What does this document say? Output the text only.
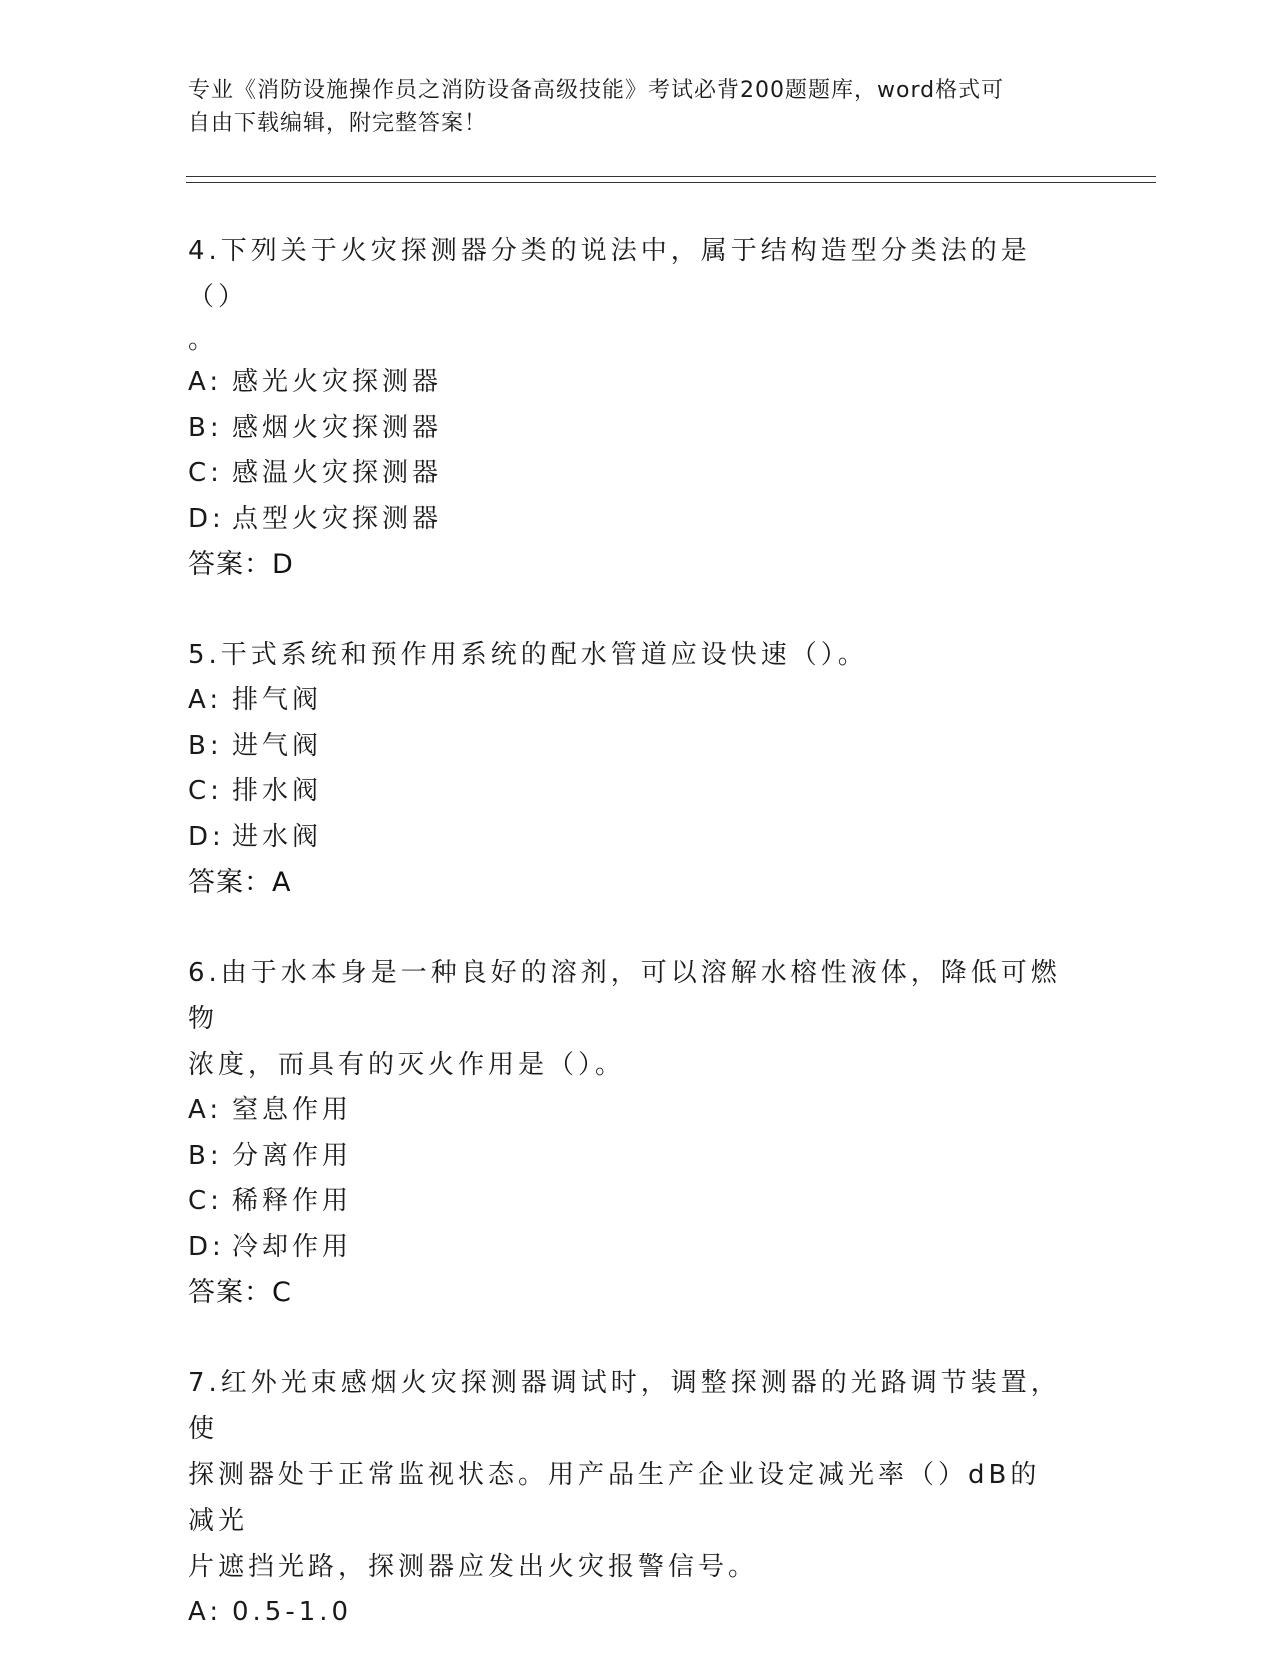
专业《消防设施操作员之消防设备高级技能》考试必背200题题库，word格式可
自由下载编辑，附完整答案！

4.下列关于火灾探测器分类的说法中，属于结构造型分类法的是（）

。

A: 感光火灾探测器

B: 感烟火灾探测器

C: 感温火灾探测器

D: 点型火灾探测器

答案：D

5.干式系统和预作用系统的配水管道应设快速（）。

A: 排气阀

B: 进气阀

C: 排水阀

D: 进水阀

答案：A

6.由于水本身是一种良好的溶剂，可以溶解水榕性液体，降低可燃物

浓度，而具有的灭火作用是（）。

A: 窒息作用

B: 分离作用

C: 稀释作用

D: 冷却作用

答案：C

7.红外光束感烟火灾探测器调试时，调整探测器的光路调节装置，使

探测器处于正常监视状态。用产品生产企业设定减光率（）dB的减光

片遮挡光路，探测器应发出火灾报警信号。

A: 0.5-1.0
